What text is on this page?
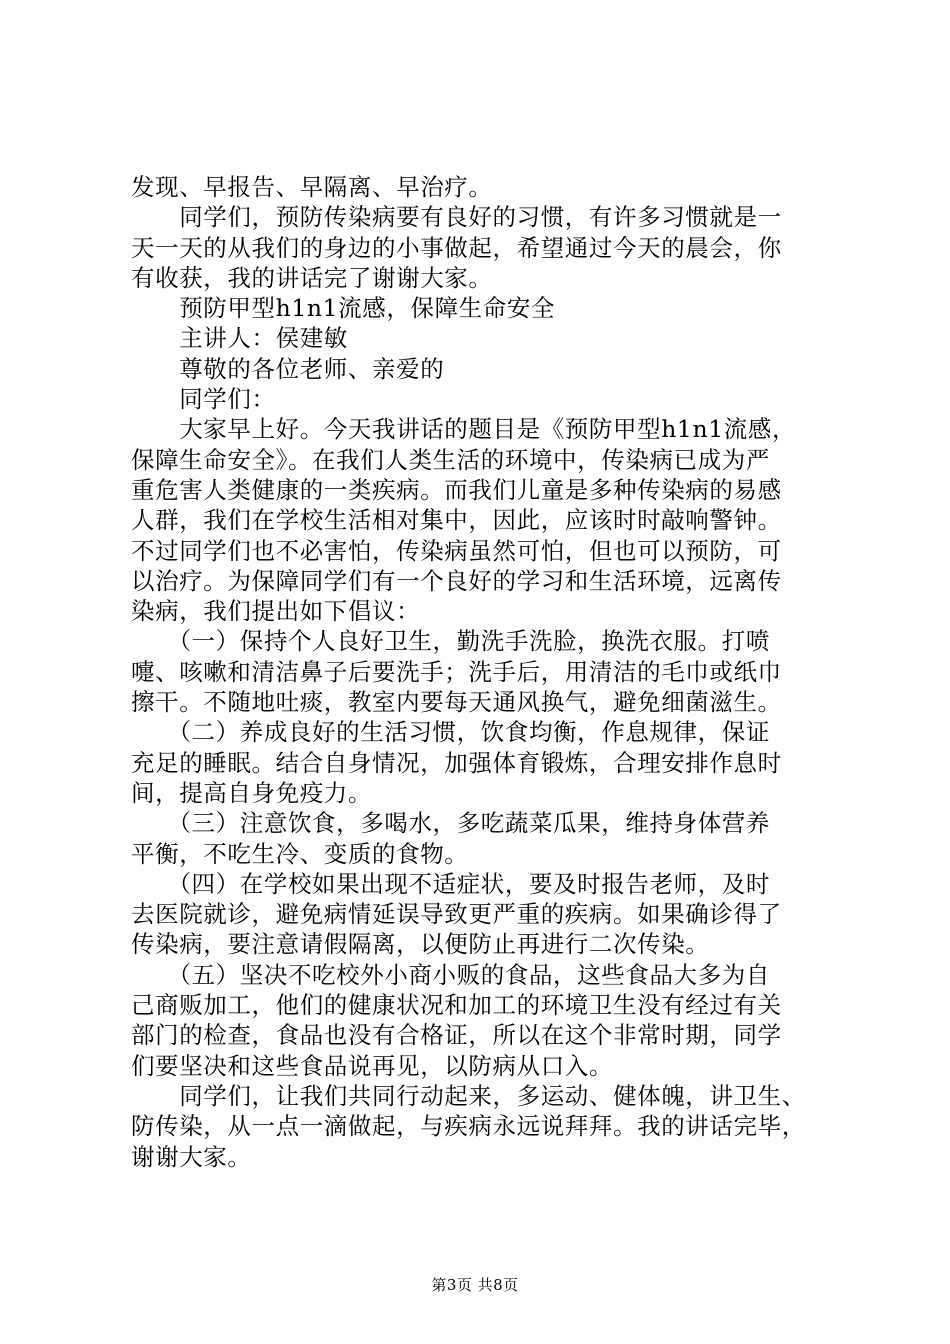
发现、早报告、早隔离、早治疗。
　　同学们，预防传染病要有良好的习惯，有许多习惯就是一
天一天的从我们的身边的小事做起，希望通过今天的晨会，你
有收获，我的讲话完了谢谢大家。
　　预防甲型h1n1流感，保障生命安全
　　主讲人：侯建敏
　　尊敬的各位老师、亲爱的
　　同学们：
　　大家早上好。今天我讲话的题目是《预防甲型h1n1流感，
保障生命安全》。在我们人类生活的环境中，传染病已成为严
重危害人类健康的一类疾病。而我们儿童是多种传染病的易感
人群，我们在学校生活相对集中，因此，应该时时敲响警钟。
不过同学们也不必害怕，传染病虽然可怕，但也可以预防，可
以治疗。为保障同学们有一个良好的学习和生活环境，远离传
染病，我们提出如下倡议：
　　（一）保持个人良好卫生，勤洗手洗脸，换洗衣服。打喷
嚏、咳嗽和清洁鼻子后要洗手；洗手后，用清洁的毛巾或纸巾
擦干。不随地吐痰，教室内要每天通风换气，避免细菌滋生。
　　（二）养成良好的生活习惯，饮食均衡，作息规律，保证
充足的睡眠。结合自身情况，加强体育锻炼，合理安排作息时
间，提高自身免疫力。
　　（三）注意饮食，多喝水，多吃蔬菜瓜果，维持身体营养
平衡，不吃生冷、变质的食物。
　　（四）在学校如果出现不适症状，要及时报告老师，及时
去医院就诊，避免病情延误导致更严重的疾病。如果确诊得了
传染病，要注意请假隔离，以便防止再进行二次传染。
　　（五）坚决不吃校外小商小贩的食品，这些食品大多为自
己商贩加工，他们的健康状况和加工的环境卫生没有经过有关
部门的检查，食品也没有合格证，所以在这个非常时期，同学
们要坚决和这些食品说再见，以防病从口入。
　　同学们，让我们共同行动起来，多运动、健体魄，讲卫生、
防传染，从一点一滴做起，与疾病永远说拜拜。我的讲话完毕，
谢谢大家。
第3页 共8页
